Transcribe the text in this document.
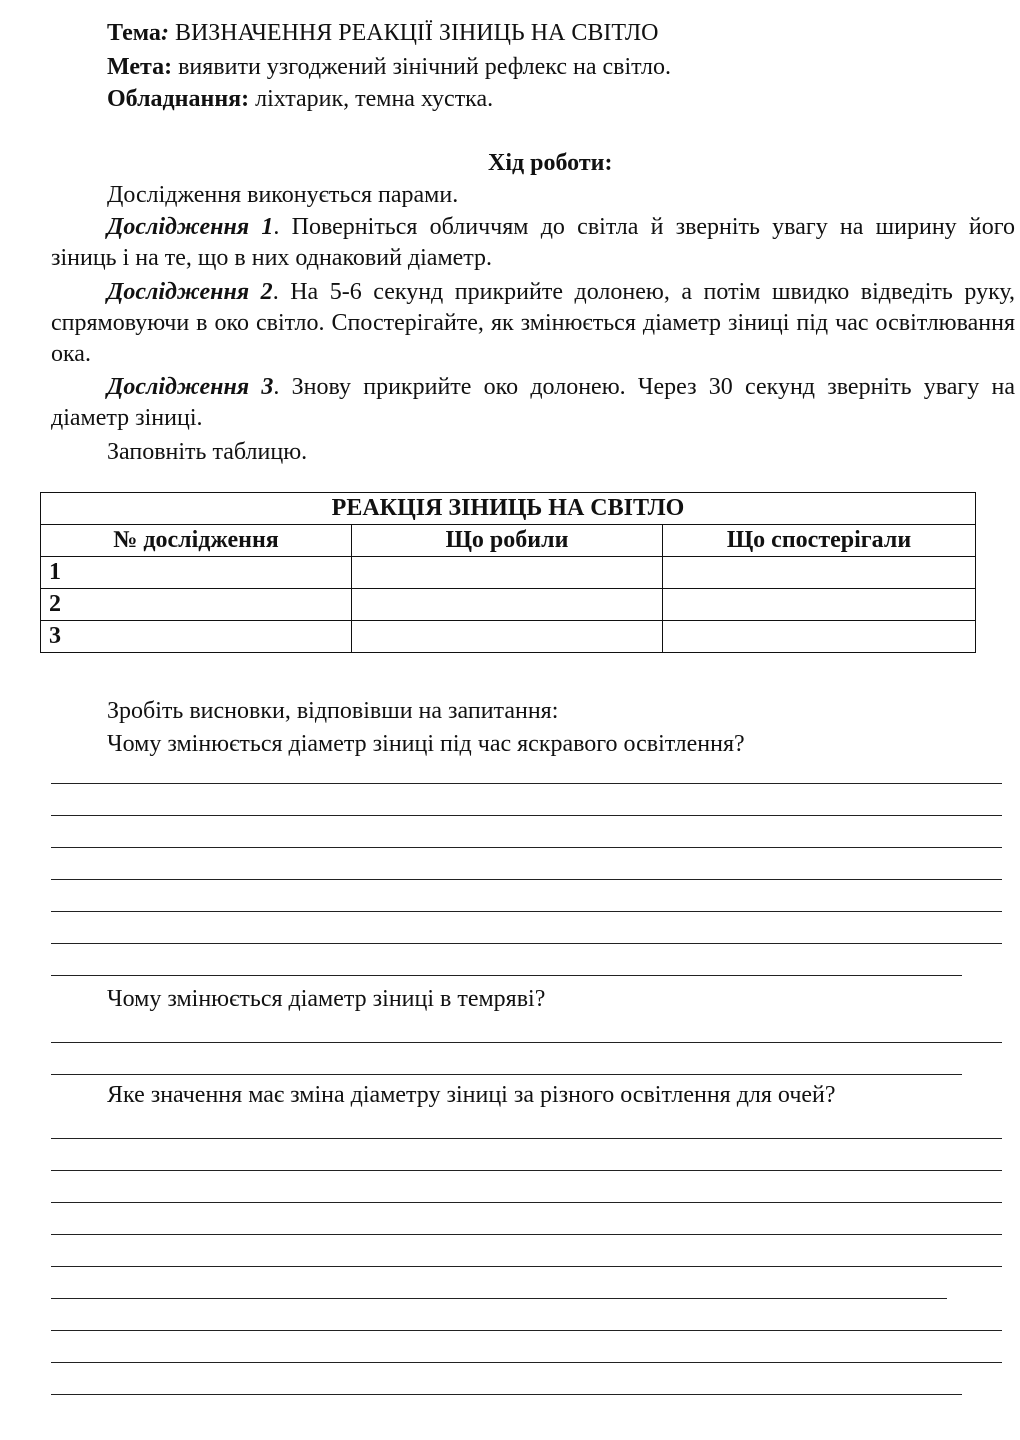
Тема: ВИЗНАЧЕННЯ РЕАКЦІЇ ЗІНИЦЬ НА СВІТЛО
Мета: виявити узгоджений зінічний рефлекс на світло.
Обладнання: ліхтарик, темна хустка.
Хід роботи:
Дослідження виконується парами.
Дослідження 1. Поверніться обличчям до світла й зверніть увагу на ширину його зіниць і на те, що в них однаковий діаметр.
Дослідження 2. На 5-6 секунд прикрийте долонею, а потім швидко відведіть руку, спрямовуючи в око світло. Спостерігайте, як змінюється діаметр зіниці під час освітлювання ока.
Дослідження 3. Знову прикрийте око долонею. Через 30 секунд зверніть увагу на діаметр зіниці.
Заповніть таблицю.
РЕАКЦІЯ ЗІНИЦЬ НА СВІТЛО		
№ дослідження	Що робили	Що спостерігали
1		
2		
3		
Зробіть висновки, відповівши на запитання:
Чому змінюється діаметр зіниці під час яскравого освітлення?
Чому змінюється діаметр зіниці в темряві?
Яке значення має зміна діаметру зіниці за різного освітлення для очей?
